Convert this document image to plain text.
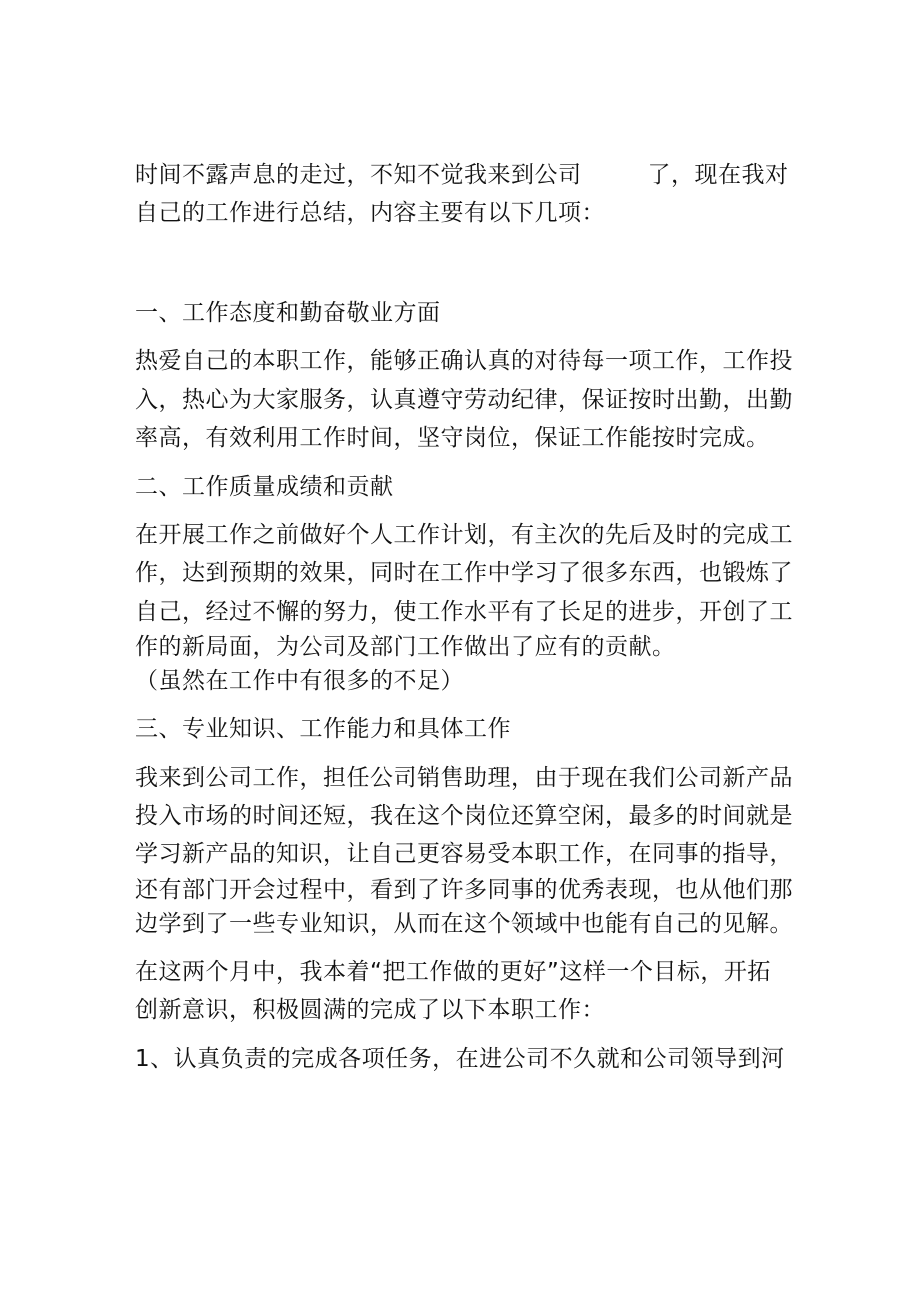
时间不露声息的走过，不知不觉我来到公司	了，现在我对
自己的工作进行总结，内容主要有以下几项：
一、工作态度和勤奋敬业方面
热爱自己的本职工作，能够正确认真的对待每一项工作，工作投
入，热心为大家服务，认真遵守劳动纪律，保证按时出勤，出勤
率高，有效利用工作时间，坚守岗位，保证工作能按时完成。
二、工作质量成绩和贡献
在开展工作之前做好个人工作计划，有主次的先后及时的完成工
作，达到预期的效果，同时在工作中学习了很多东西，也锻炼了
自己，经过不懈的努力，使工作水平有了长足的进步，开创了工
作的新局面，为公司及部门工作做出了应有的贡献。
（虽然在工作中有很多的不足）
三、专业知识、工作能力和具体工作
我来到公司工作，担任公司销售助理，由于现在我们公司新产品
投入市场的时间还短，我在这个岗位还算空闲，最多的时间就是
学习新产品的知识，让自己更容易受本职工作，在同事的指导，
还有部门开会过程中，看到了许多同事的优秀表现，也从他们那
边学到了一些专业知识，从而在这个领域中也能有自己的见解。
在这两个月中，我本着“把工作做的更好”这样一个目标，开拓
创新意识，积极圆满的完成了以下本职工作：
1、认真负责的完成各项任务，在进公司不久就和公司领导到河
